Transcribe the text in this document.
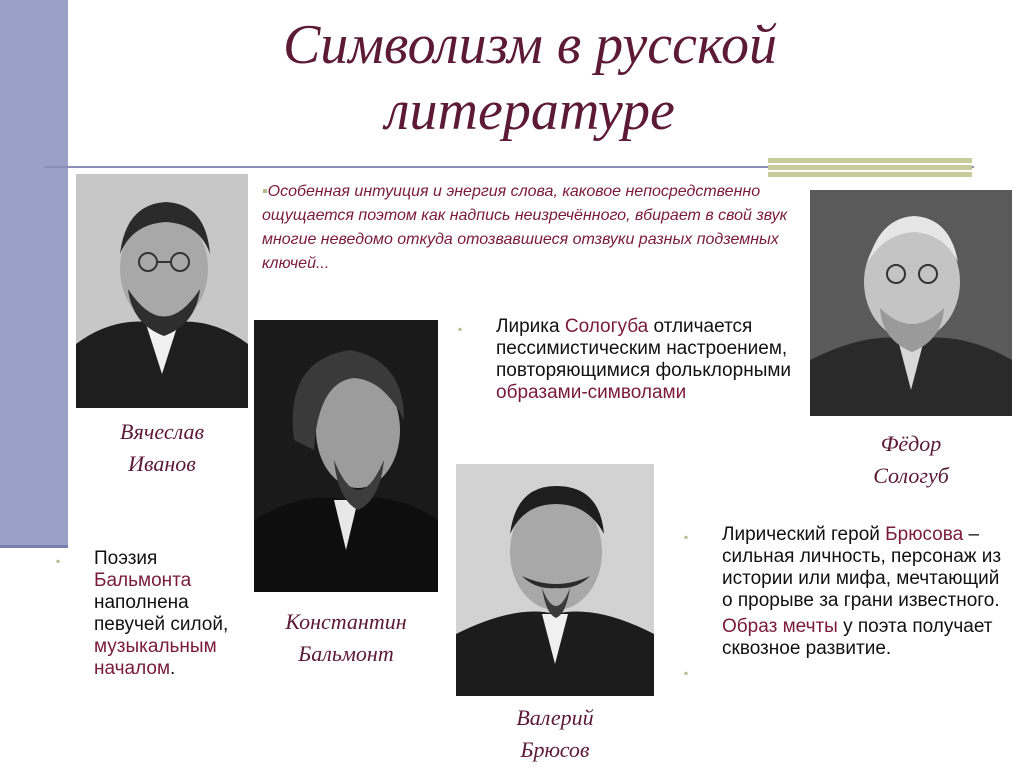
Символизм в русской
литературе
Вячеслав
Иванов
▪Особенная интуиция и энергия слова, каковое непосредственно ощущается поэтом как надпись неизречённого, вбирает в свой звук многие неведомо откуда отозвавшиеся отзвуки разных подземных ключей...
Константин
Бальмонт
▪ Лирика Сологуба отличается пессимистическим настроением, повторяющимися фольклорными образами-символами

Фёдор
Сологуб
▪ Поэзия Бальмонта наполнена певучей силой, музыкальным началом.

Валерий
Брюсов
▪ Лирический герой Брюсова – сильная личность, персонаж из истории или мифа, мечтающий о прорыве за грани известного.

▪

Образ мечты у поэта получает сквозное развитие.
